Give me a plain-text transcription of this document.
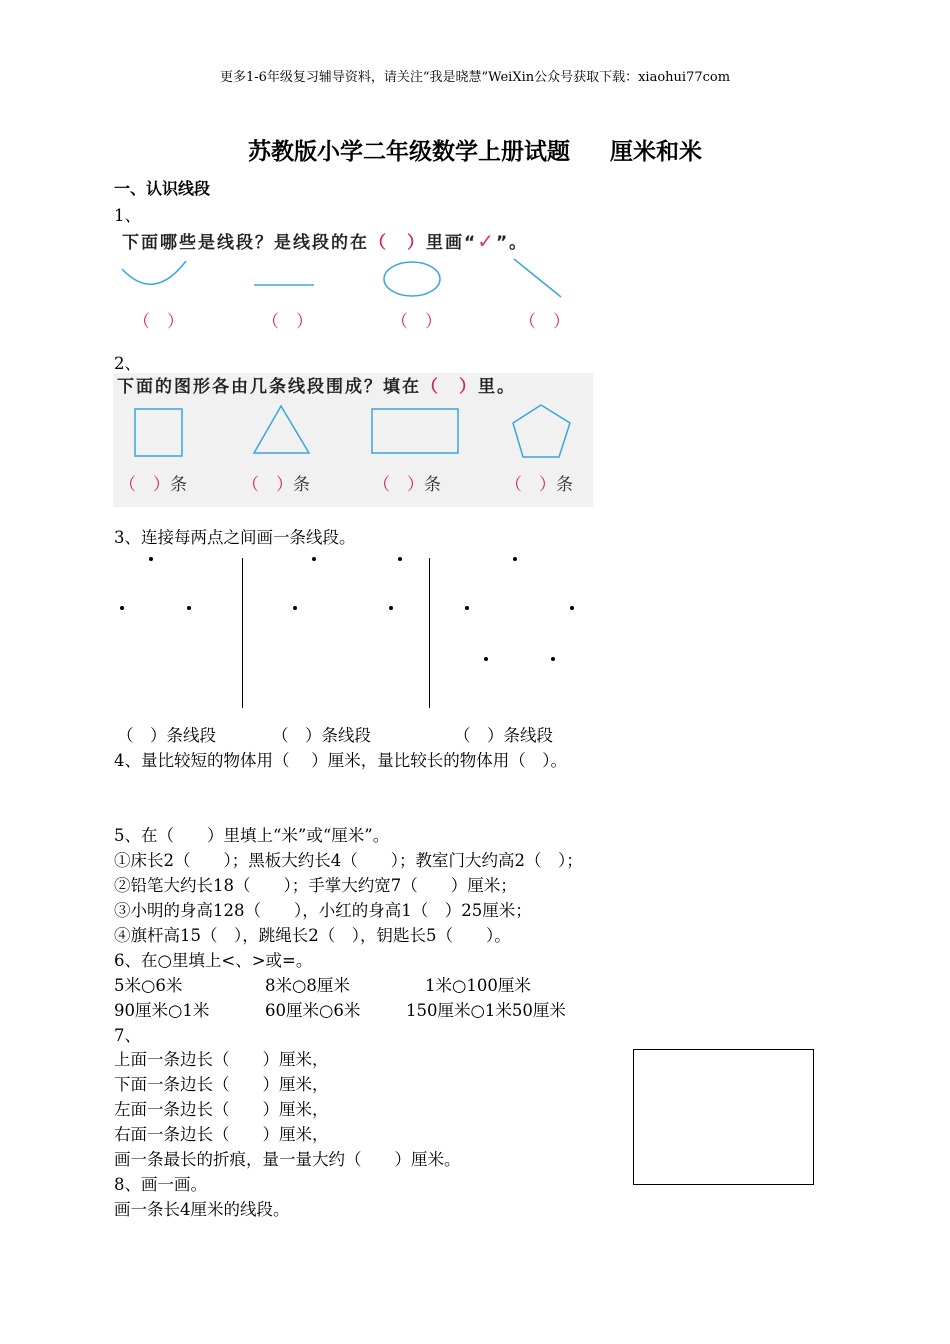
更多1-6年级复习辅导资料，请关注“我是晓慧”WeiXin公众号获取下载：xiaohui77com
苏教版小学二年级数学上册试题 厘米和米
一、认识线段
1、
下面哪些是线段？是线段的在（　）里画“✓”。
（　）	（　）	（　）	（　）
2、
下面的图形各由几条线段围成？填在（　）里。
（　）条	（　）条	（　）条	（　）条
3、连接每两点之间画一条线段。
（　）条线段	（　）条线段	（　）条线段
4、量比较短的物体用（　 ）厘米，量比较长的物体用（　）。
5、在（　　）里填上“米”或“厘米”。
①床长2（　　）；黑板大约长4（　　）；教室门大约高2（　）；
②铅笔大约长18（　　）；手掌大约宽7（　　）厘米；
③小明的身高128（　　），小红的身高1（　）25厘米；
④旗杆高15（　），跳绳长2（　），钥匙长5（　　）。
6、在○里填上<、>或=。
5米○6米	8米○8厘米	1米○100厘米
90厘米○1米	60厘米○6米	150厘米○1米50厘米
7、
上面一条边长（　　）厘米，
下面一条边长（　　）厘米，
左面一条边长（　　）厘米，
右面一条边长（　　）厘米，
画一条最长的折痕，量一量大约（　　）厘米。
8、画一画。
画一条长4厘米的线段。
